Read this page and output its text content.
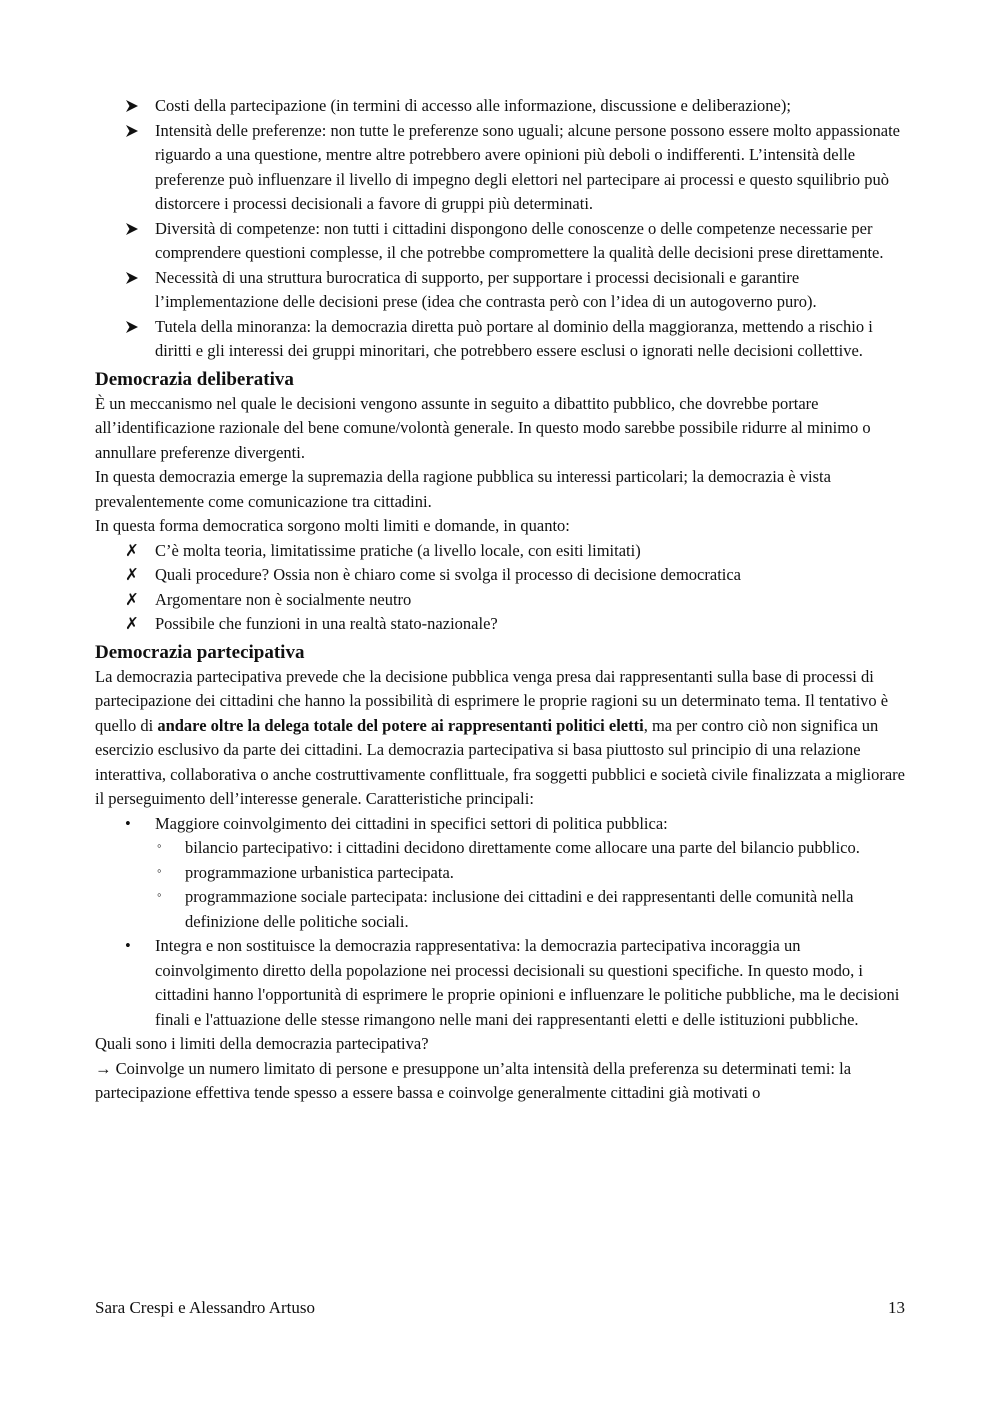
Costi della partecipazione (in termini di accesso alle informazione, discussione e deliberazione);
Intensità delle preferenze: non tutte le preferenze sono uguali; alcune persone possono essere molto appassionate riguardo a una questione, mentre altre potrebbero avere opinioni più deboli o indifferenti. L’intensità delle preferenze può influenzare il livello di impegno degli elettori nel partecipare ai processi e questo squilibrio può distorcere i processi decisionali a favore di gruppi più determinati.
Diversità di competenze: non tutti i cittadini dispongono delle conoscenze o delle competenze necessarie per comprendere questioni complesse, il che potrebbe compromettere la qualità delle decisioni prese direttamente.
Necessità di una struttura burocratica di supporto, per supportare i processi decisionali e garantire l’implementazione delle decisioni prese (idea che contrasta però con l’idea di un autogoverno puro).
Tutela della minoranza: la democrazia diretta può portare al dominio della maggioranza, mettendo a rischio i diritti e gli interessi dei gruppi minoritari, che potrebbero essere esclusi o ignorati nelle decisioni collettive.
Democrazia deliberativa

È un meccanismo nel quale le decisioni vengono assunte in seguito a dibattito pubblico, che dovrebbe portare all’identificazione razionale del bene comune/volontà generale. In questo modo sarebbe possibile ridurre al minimo o annullare preferenze divergenti.

In questa democrazia emerge la supremazia della ragione pubblica su interessi particolari; la democrazia è vista prevalentemente come comunicazione tra cittadini.

In questa forma democratica sorgono molti limiti e domande, in quanto:

✗ C’è molta teoria, limitatissime pratiche (a livello locale, con esiti limitati)
✗ Quali procedure? Ossia non è chiaro come si svolga il processo di decisione democratica
✗ Argomentare non è socialmente neutro
✗ Possibile che funzioni in una realtà stato-nazionale?
Democrazia partecipativa

La democrazia partecipativa prevede che la decisione pubblica venga presa dai rappresentanti sulla base di processi di partecipazione dei cittadini che hanno la possibilità di esprimere le proprie ragioni su un determinato tema. Il tentativo è quello di andare oltre la delega totale del potere ai rappresentanti politici eletti, ma per contro ciò non significa un esercizio esclusivo da parte dei cittadini. La democrazia partecipativa si basa piuttosto sul principio di una relazione interattiva, collaborativa o anche costruttivamente conflittuale, fra soggetti pubblici e società civile finalizzata a migliorare il perseguimento dell’interesse generale. Caratteristiche principali:

•	Maggiore coinvolgimento dei cittadini in specifici settori di politica pubblica:
◦ bilancio partecipativo: i cittadini decidono direttamente come allocare una parte del bilancio pubblico.
◦ programmazione urbanistica partecipata.
◦ programmazione sociale partecipata: inclusione dei cittadini e dei rappresentanti delle comunità nella definizione delle politiche sociali.
•	Integra e non sostituisce la democrazia rappresentativa: la democrazia partecipativa incoraggia un coinvolgimento diretto della popolazione nei processi decisionali su questioni specifiche. In questo modo, i cittadini hanno l'opportunità di esprimere le proprie opinioni e influenzare le politiche pubbliche, ma le decisioni finali e l'attuazione delle stesse rimangono nelle mani dei rappresentanti eletti e delle istituzioni pubbliche.

Quali sono i limiti della democrazia partecipativa?

→ Coinvolge un numero limitato di persone e presuppone un’alta intensità della preferenza su determinati temi: la partecipazione effettiva tende spesso a essere bassa e coinvolge generalmente cittadini già motivati o

Sara Crespi e Alessandro Artuso	13
